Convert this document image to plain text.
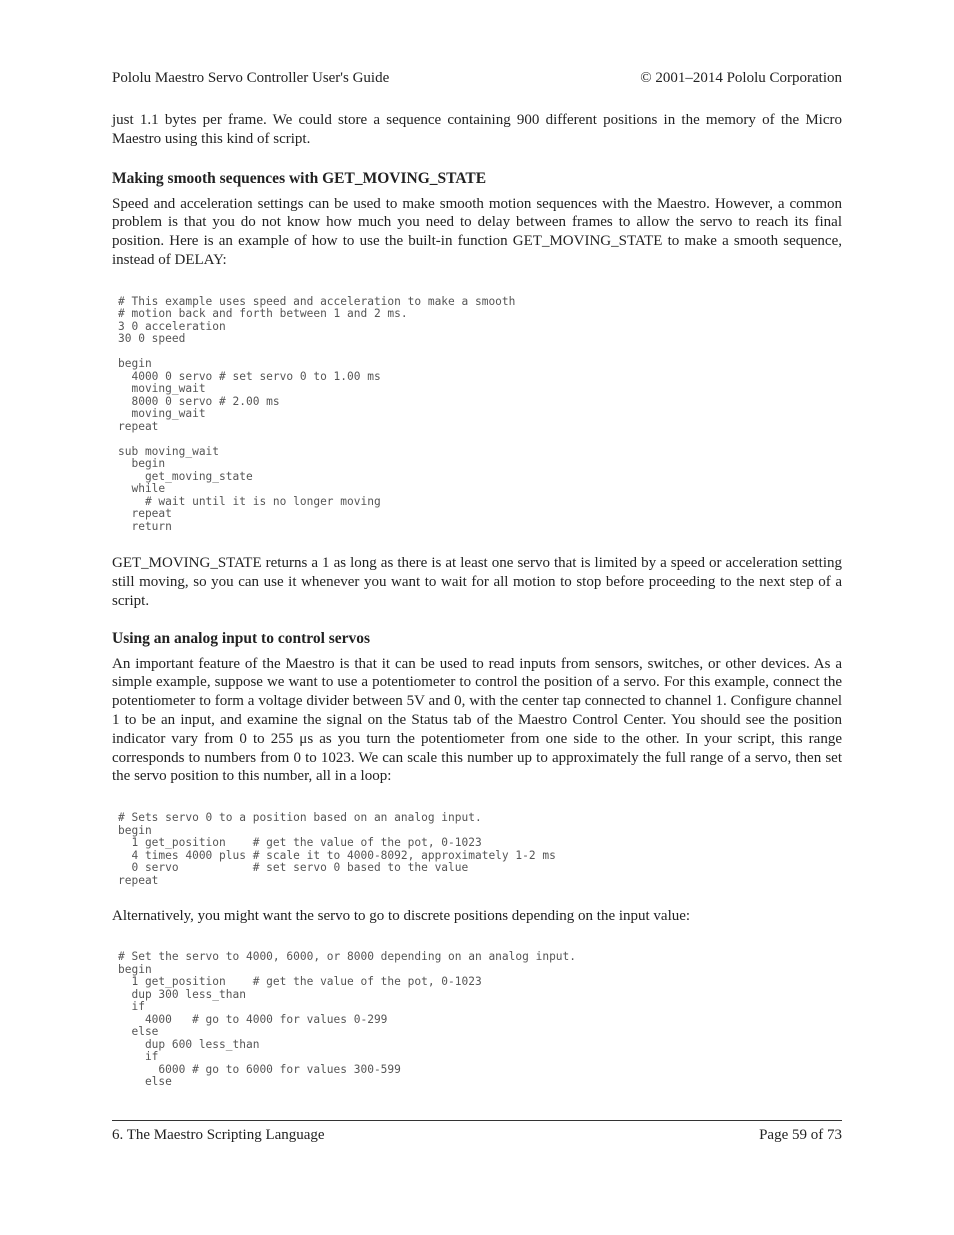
Pololu Maestro Servo Controller User's Guide	© 2001–2014 Pololu Corporation

just 1.1 bytes per frame. We could store a sequence containing 900 different positions in the memory of the Micro Maestro using this kind of script.

Making smooth sequences with GET_MOVING_STATE

Speed and acceleration settings can be used to make smooth motion sequences with the Maestro. However, a common problem is that you do not know how much you need to delay between frames to allow the servo to reach its final position. Here is an example of how to use the built-in function GET_MOVING_STATE to make a smooth sequence, instead of DELAY:

# This example uses speed and acceleration to make a smooth
# motion back and forth between 1 and 2 ms.
3 0 acceleration
30 0 speed

begin
4000 0 servo # set servo 0 to 1.00 ms
moving_wait
8000 0 servo # 2.00 ms
moving_wait
repeat

sub moving_wait
begin
get_moving_state
while
# wait until it is no longer moving
repeat
return

GET_MOVING_STATE returns a 1 as long as there is at least one servo that is limited by a speed or acceleration setting still moving, so you can use it whenever you want to wait for all motion to stop before proceeding to the next step of a script.

Using an analog input to control servos

An important feature of the Maestro is that it can be used to read inputs from sensors, switches, or other devices. As a simple example, suppose we want to use a potentiometer to control the position of a servo. For this example, connect the potentiometer to form a voltage divider between 5V and 0, with the center tap connected to channel 1. Configure channel 1 to be an input, and examine the signal on the Status tab of the Maestro Control Center. You should see the position indicator vary from 0 to 255 μs as you turn the potentiometer from one side to the other. In your script, this range corresponds to numbers from 0 to 1023. We can scale this number up to approximately the full range of a servo, then set the servo position to this number, all in a loop:

# Sets servo 0 to a position based on an analog input.
begin
1 get_position    # get the value of the pot, 0-1023
4 times 4000 plus # scale it to 4000-8092, approximately 1-2 ms
0 servo           # set servo 0 based to the value
repeat

Alternatively, you might want the servo to go to discrete positions depending on the input value:

# Set the servo to 4000, 6000, or 8000 depending on an analog input.
begin
1 get_position    # get the value of the pot, 0-1023
dup 300 less_than
if
4000   # go to 4000 for values 0-299
else
dup 600 less_than
if
6000 # go to 6000 for values 300-599
else
6. The Maestro Scripting Language	Page 59 of 73
